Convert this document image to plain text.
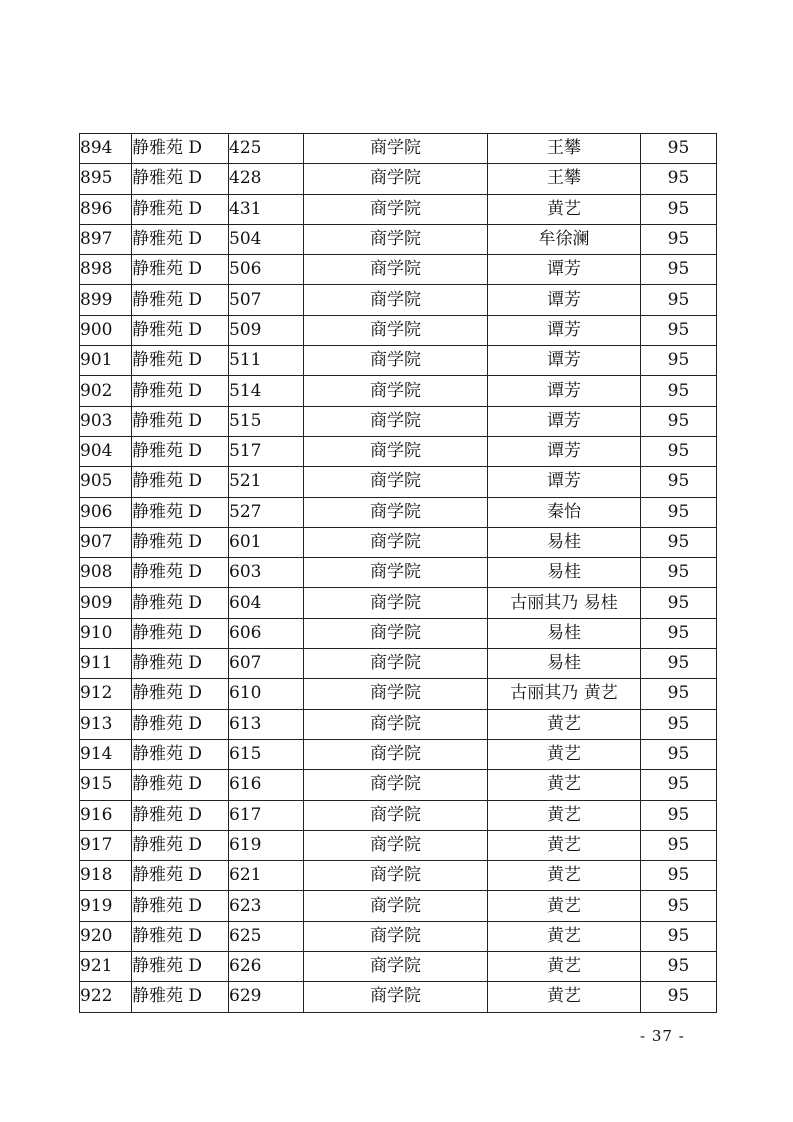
894	静雅苑 D	425	商学院	王攀	95
895	静雅苑 D	428	商学院	王攀	95
896	静雅苑 D	431	商学院	黄艺	95
897	静雅苑 D	504	商学院	牟徐澜	95
898	静雅苑 D	506	商学院	谭芳	95
899	静雅苑 D	507	商学院	谭芳	95
900	静雅苑 D	509	商学院	谭芳	95
901	静雅苑 D	511	商学院	谭芳	95
902	静雅苑 D	514	商学院	谭芳	95
903	静雅苑 D	515	商学院	谭芳	95
904	静雅苑 D	517	商学院	谭芳	95
905	静雅苑 D	521	商学院	谭芳	95
906	静雅苑 D	527	商学院	秦怡	95
907	静雅苑 D	601	商学院	易桂	95
908	静雅苑 D	603	商学院	易桂	95
909	静雅苑 D	604	商学院	古丽其乃 易桂	95
910	静雅苑 D	606	商学院	易桂	95
911	静雅苑 D	607	商学院	易桂	95
912	静雅苑 D	610	商学院	古丽其乃 黄艺	95
913	静雅苑 D	613	商学院	黄艺	95
914	静雅苑 D	615	商学院	黄艺	95
915	静雅苑 D	616	商学院	黄艺	95
916	静雅苑 D	617	商学院	黄艺	95
917	静雅苑 D	619	商学院	黄艺	95
918	静雅苑 D	621	商学院	黄艺	95
919	静雅苑 D	623	商学院	黄艺	95
920	静雅苑 D	625	商学院	黄艺	95
921	静雅苑 D	626	商学院	黄艺	95
922	静雅苑 D	629	商学院	黄艺	95
- 37 -
